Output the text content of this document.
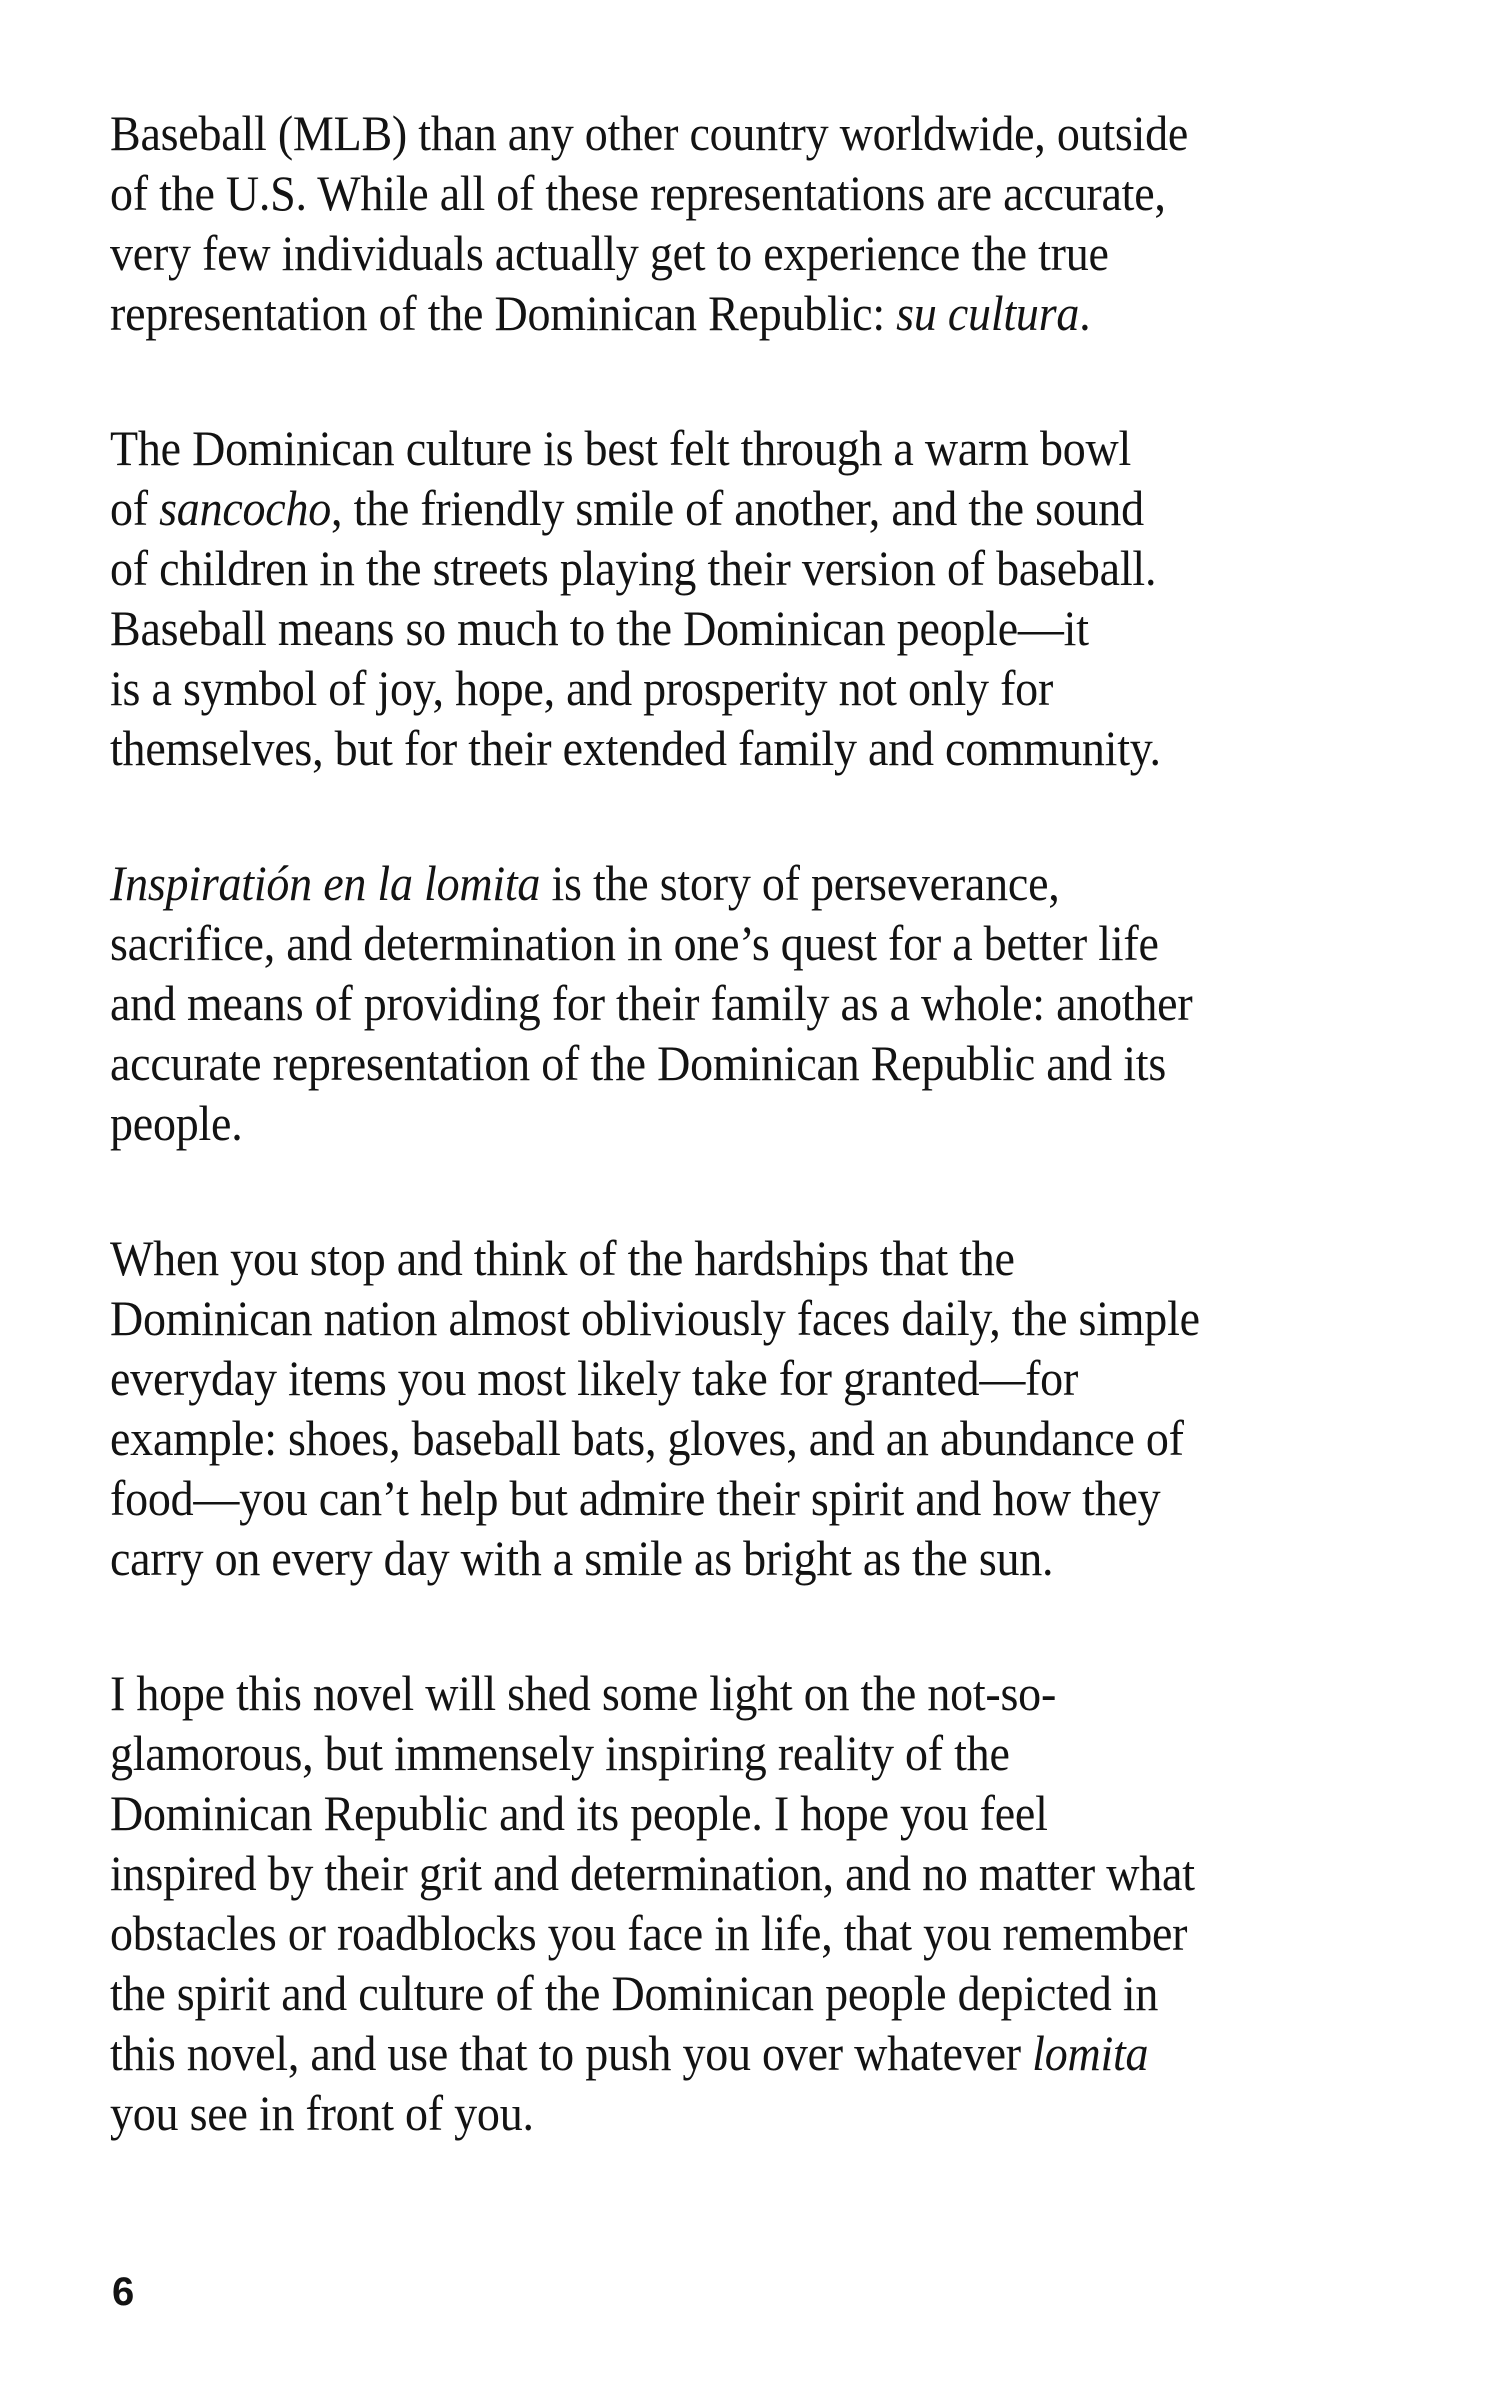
Baseball (MLB) than any other country worldwide, outside
of the U.S. While all of these representations are accurate,
very few individuals actually get to experience the true
representation of the Dominican Republic: su cultura.
The Dominican culture is best felt through a warm bowl
of sancocho, the friendly smile of another, and the sound
of children in the streets playing their version of baseball.
Baseball means so much to the Dominican people—it
is a symbol of joy, hope, and prosperity not only for
themselves, but for their extended family and community.
Inspiratión en la lomita is the story of perseverance,
sacrifice, and determination in one’s quest for a better life
and means of providing for their family as a whole: another
accurate representation of the Dominican Republic and its
people.
When you stop and think of the hardships that the
Dominican nation almost obliviously faces daily, the simple
everyday items you most likely take for granted—for
example: shoes, baseball bats, gloves, and an abundance of
food—you can’t help but admire their spirit and how they
carry on every day with a smile as bright as the sun.
I hope this novel will shed some light on the not-so-
glamorous, but immensely inspiring reality of the
Dominican Republic and its people. I hope you feel
inspired by their grit and determination, and no matter what
obstacles or roadblocks you face in life, that you remember
the spirit and culture of the Dominican people depicted in
this novel, and use that to push you over whatever lomita
you see in front of you.
6
